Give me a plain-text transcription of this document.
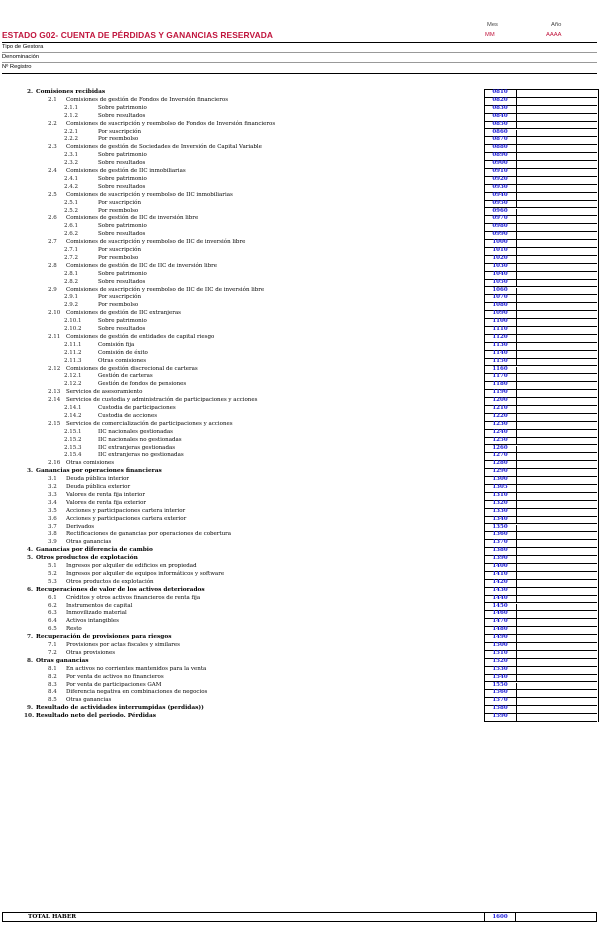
Mes	Año
MM	AAAA
ESTADO G02- CUENTA DE PÉRDIDAS Y GANANCIAS RESERVADA
Tipo de Gestora
Denominación
Nº Registro
2. Comisiones recibidas	0810
2.1 Comisiones de gestión de Fondos de Inversión financieros	0820
2.1.1	Sobre patrimonio	0830
2.1.2	Sobre resultados	0840
2.2 Comisiones de suscripción y reembolso de Fondos de Inversión financieros	0850
2.2.1	Por suscripción	0860
2.2.2	Por reembolso	0870
2.3 Comisiones de gestión de Sociedades de Inversión de Capital Variable	0880
2.3.1	Sobre patrimonio	0890
2.3.2	Sobre resultados	0900
2.4 Comisiones de gestión de IIC inmobiliarias	0910
2.4.1	Sobre patrimonio	0920
2.4.2	Sobre resultados	0930
2.5 Comisiones de suscripción y reembolso de IIC inmobiliarias	0940
2.5.1	Por suscripción	0950
2.5.2	Por reembolso	0960
2.6 Comisiones de gestión de IIC de inversión libre	0970
2.6.1	Sobre patrimonio	0980
2.6.2	Sobre resultados	0990
2.7 Comisiones de suscripción y reembolso de IIC de inversión libre	1000
2.7.1	Por suscripción	1010
2.7.2	Por reembolso	1020
2.8 Comisiones de gestión de IIC de IIC de inversión libre	1030
2.8.1	Sobre patrimonio	1040
2.8.2	Sobre resultados	1050
2.9 Comisiones de suscripción y reembolso de IIC de IIC de inversión libre	1060
2.9.1	Por suscripción	1070
2.9.2	Por reembolso	1080
2.10 Comisiones de gestión de IIC extranjeras	1090
2.10.1	Sobre patrimonio	1100
2.10.2	Sobre resultados	1110
2.11 Comisiones de gestión de entidades de capital riesgo	1120
2.11.1	Comisión fija	1130
2.11.2	Comisión de éxito	1140
2.11.3	Otras comisiones	1150
2.12 Comisiones de gestión discrecional de carteras	1160
2.12.1	Gestión de carteras	1170
2.12.2	Gestión de fondos de pensiones	1180
2.13 Servicios de asesoramiento	1190
2.14 Servicios de custodia y administración de participaciones y acciones	1200
2.14.1	Custodia de participaciones	1210
2.14.2	Custodia de acciones	1220
2.15 Servicios de comercialización de participaciones y acciones	1230
2.15.1	IIC nacionales gestionadas	1240
2.15.2	IIC nacionales no gestionadas	1250
2.15.3	IIC extranjeras gestionadas	1260
2.15.4	IIC extranjeras no gestionadas	1270
2.16 Otras comisiones	1280
3. Ganancias por operaciones financieras	1290
3.1 Deuda pública interior	1300
3.2 Deuda pública exterior	1305
3.3 Valores de renta fija interior	1310
3.4 Valores de renta fija exterior	1320
3.5 Acciones y participaciones cartera interior	1330
3.6 Acciones y participaciones cartera exterior	1340
3.7 Derivados	1350
3.8 Rectificaciones de ganancias por operaciones de cobertura	1360
3.9 Otras ganancias	1370
4. Ganancias por diferencia de cambio	1380
5. Otros productos de explotación	1390
5.1 Ingresos por alquiler de edificios en propiedad	1400
5.2 Ingresos por alquiler de equipos informáticos y software	1410
5.3 Otros productos de explotación	1420
6. Recuperaciones de valor de los activos deteriorados	1430
6.1 Créditos y otros activos financieros de renta fija	1440
6.2 Instrumentos de capital	1450
6.3 Inmovilizado material	1460
6.4 Activos intangibles	1470
6.5 Resto	1480
7. Recuperación de provisiones para riesgos	1490
7.1 Provisiones por actas fiscales y similares	1500
7.2 Otras provisiones	1510
8. Otras ganancias	1520
8.1 En activos no corrientes mantenidos para la venta	1530
8.2 Por venta de activos no financieros	1540
8.3 Por venta de participaciones GAM	1550
8.4 Diferencia negativa en combinaciones de negocios	1560
8.5 Otras ganancias	1570
9. Resultado de actividades interrumpidas (perdidas))	1580
10. Resultado neto del periodo. Pérdidas	1590
TOTAL HABER	1600
